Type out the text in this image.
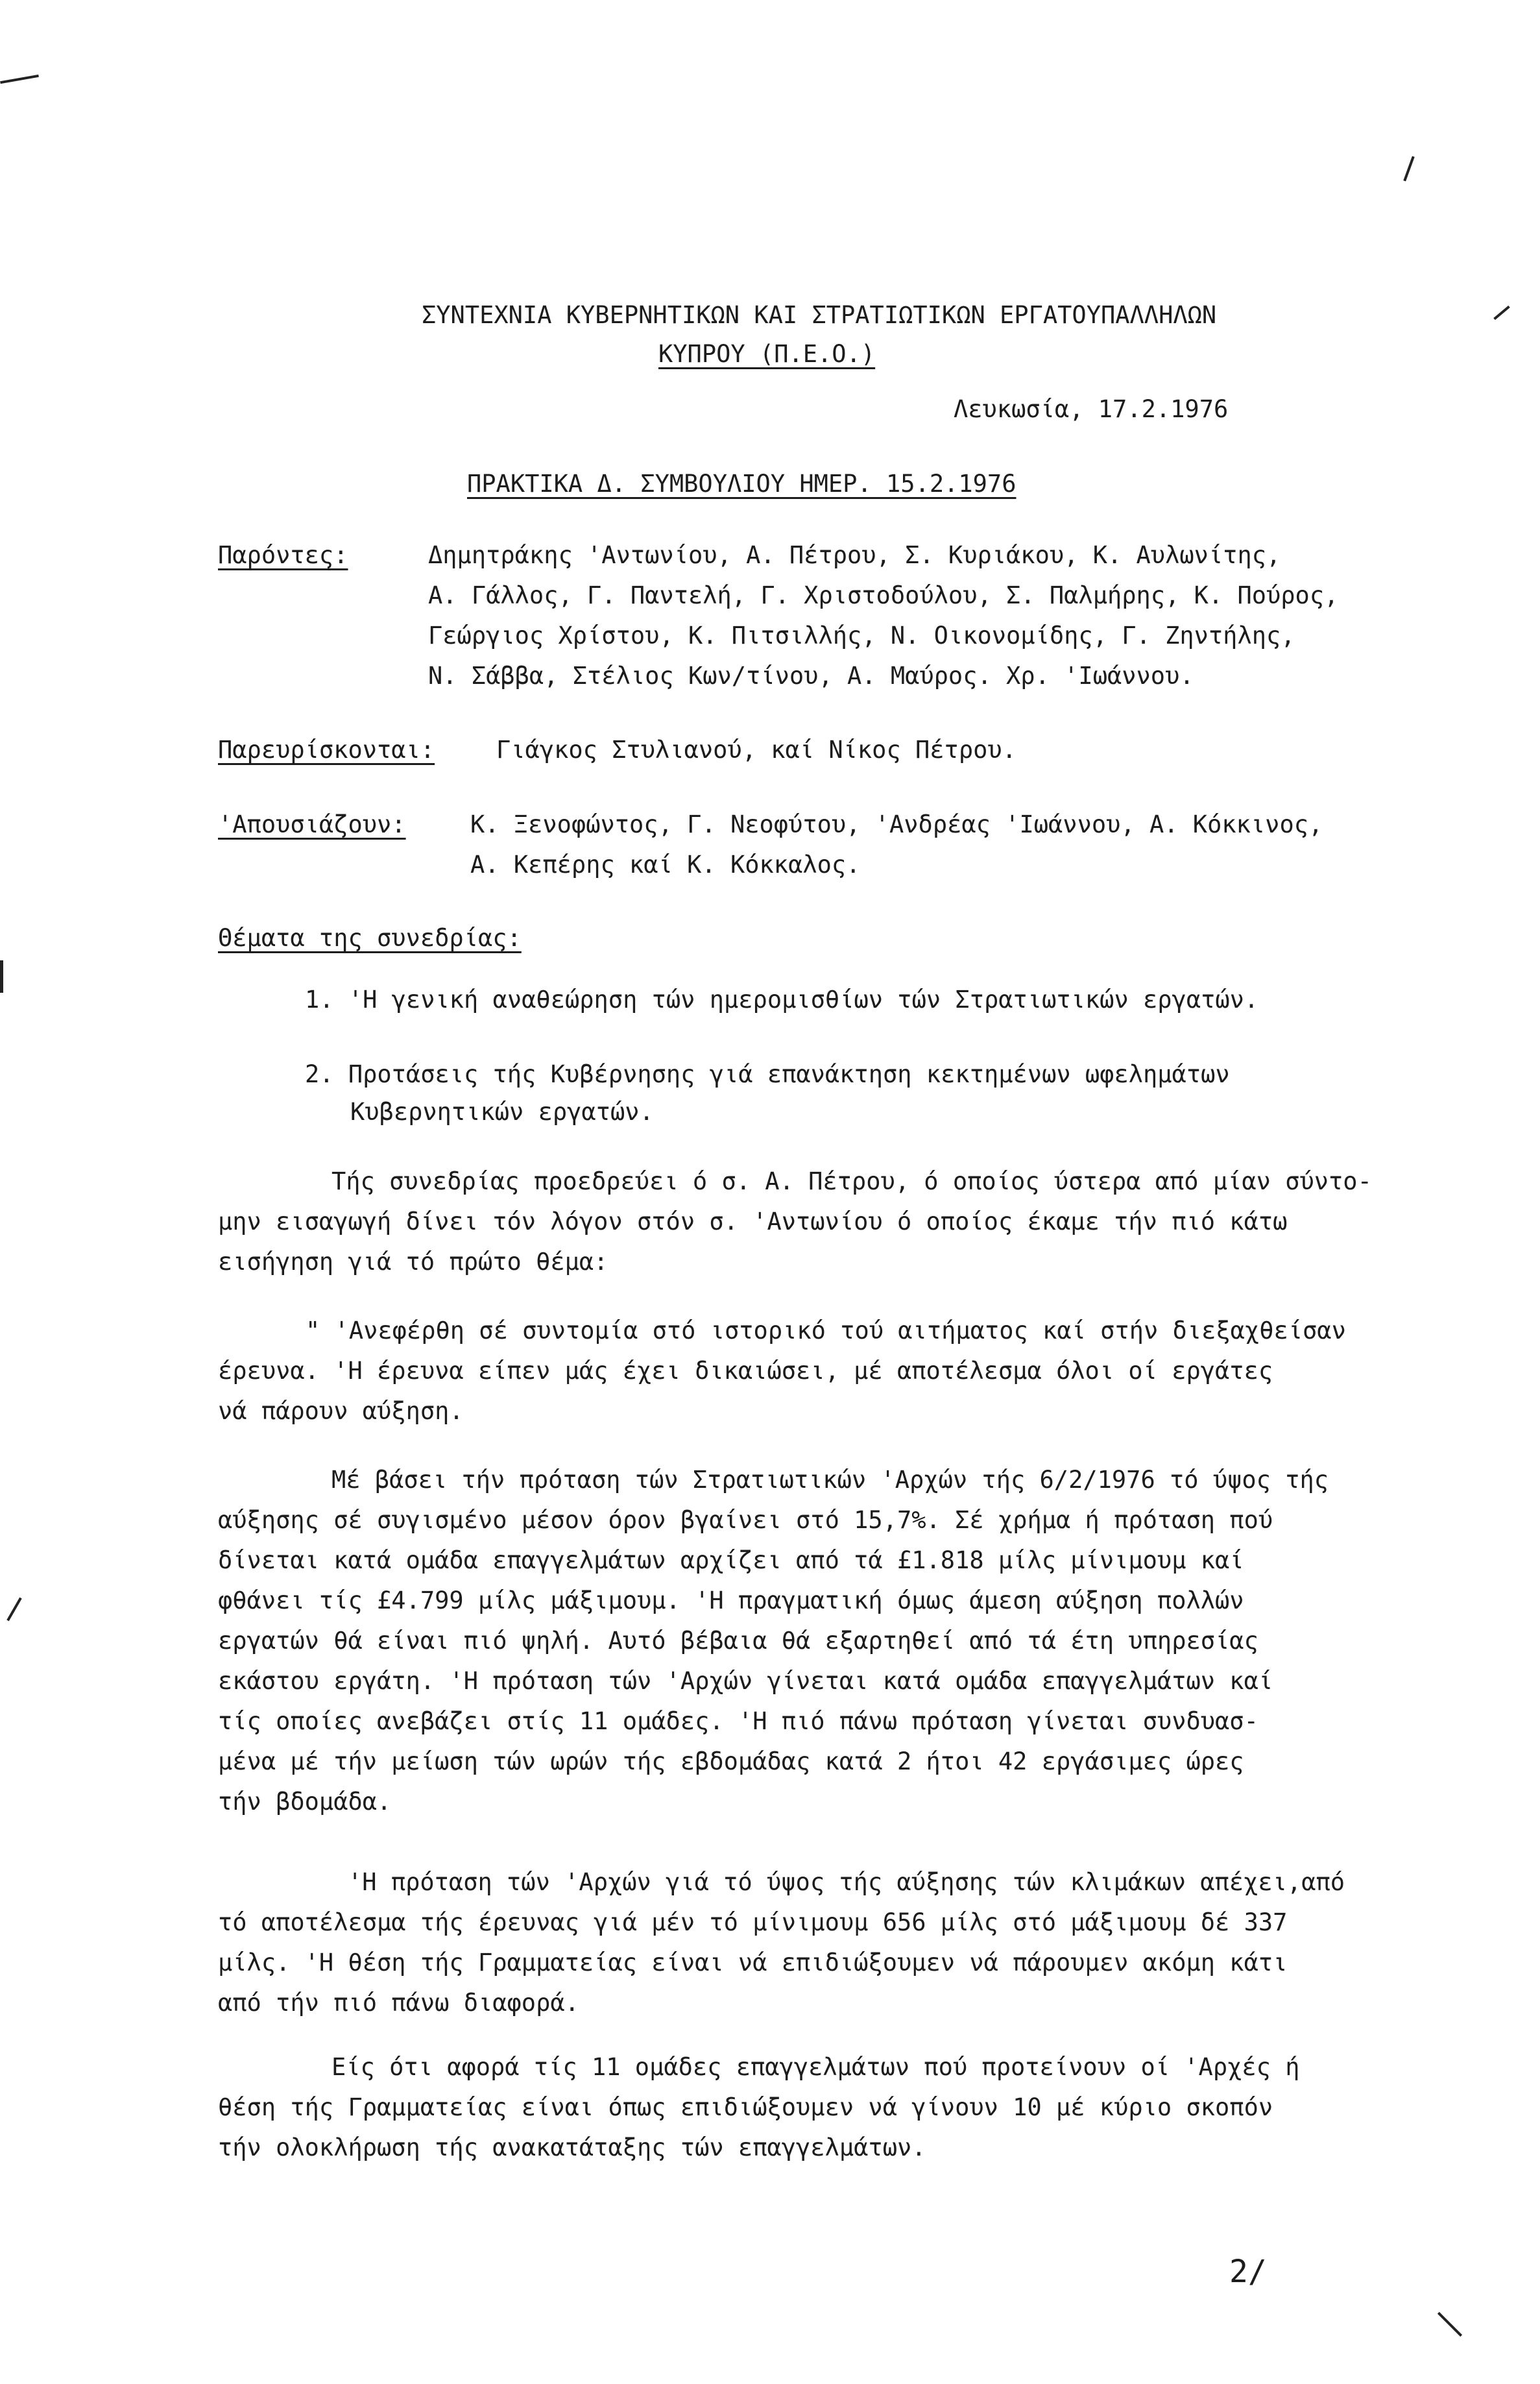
ΣΥΝΤΕΧΝΙΑ ΚΥΒΕΡΝΗΤΙΚΩΝ ΚΑΙ ΣΤΡΑΤΙΩΤΙΚΩΝ ΕΡΓΑΤΟΥΠΑΛΛΗΛΩΝ
ΚΥΠΡΟΥ (Π.Ε.Ο.)
Λευκωσία, 17.2.1976
ΠΡΑΚΤΙΚΑ Δ. ΣΥΜΒΟΥΛΙΟΥ ΗΜΕΡ. 15.2.1976
Παρόντες:	Δημητράκης 'Αντωνίου, Α. Πέτρου, Σ. Κυριάκου, Κ. Αυλωνίτης,
Α. Γάλλος, Γ. Παντελή, Γ. Χριστοδούλου, Σ. Παλμήρης, Κ. Πούρος,
Γεώργιος Χρίστου, Κ. Πιτσιλλής, Ν. Οικονομίδης, Γ. Ζηντήλης,
Ν. Σάββα, Στέλιος Κων/τίνου, Α. Μαύρος. Χρ. 'Ιωάννου.
Παρευρίσκονται:	Γιάγκος Στυλιανού, καί Νίκος Πέτρου.
'Απουσιάζουν:	Κ. Ξενοφώντος, Γ. Νεοφύτου, 'Ανδρέας 'Ιωάννου, Α. Κόκκινος,
Α. Κεπέρης καί Κ. Κόκκαλος.
Θέματα της συνεδρίας:
1. 'Η γενική αναθεώρηση τών ημερομισθίων τών Στρατιωτικών εργατών.
2. Προτάσεις τής Κυβέρνησης γιά επανάκτηση κεκτημένων ωφελημάτων
Κυβερνητικών εργατών.
Τής συνεδρίας προεδρεύει ό σ. Α. Πέτρου, ό οποίος ύστερα από μίαν σύντο-
μην εισαγωγή δίνει τόν λόγον στόν σ. 'Αντωνίου ό οποίος έκαμε τήν πιό κάτω
εισήγηση γιά τό πρώτο θέμα:
" 'Ανεφέρθη σέ συντομία στό ιστορικό τού αιτήματος καί στήν διεξαχθείσαν
έρευνα. 'Η έρευνα είπεν μάς έχει δικαιώσει, μέ αποτέλεσμα όλοι οί εργάτες
νά πάρουν αύξηση.
Μέ βάσει τήν πρόταση τών Στρατιωτικών 'Αρχών τής 6/2/1976 τό ύψος τής
αύξησης σέ συγισμένο μέσον όρον βγαίνει στό 15,7%. Σέ χρήμα ή πρόταση πού
δίνεται κατά ομάδα επαγγελμάτων αρχίζει από τά £1.818 μίλς μίνιμουμ καί
φθάνει τίς £4.799 μίλς μάξιμουμ. 'Η πραγματική όμως άμεση αύξηση πολλών
εργατών θά είναι πιό ψηλή. Αυτό βέβαια θά εξαρτηθεί από τά έτη υπηρεσίας
εκάστου εργάτη. 'Η πρόταση τών 'Αρχών γίνεται κατά ομάδα επαγγελμάτων καί
τίς οποίες ανεβάζει στίς 11 ομάδες. 'Η πιό πάνω πρόταση γίνεται συνδυασ-
μένα μέ τήν μείωση τών ωρών τής εβδομάδας κατά 2 ήτοι 42 εργάσιμες ώρες
τήν βδομάδα.
'Η πρόταση τών 'Αρχών γιά τό ύψος τής αύξησης τών κλιμάκων απέχει,από
τό αποτέλεσμα τής έρευνας γιά μέν τό μίνιμουμ 656 μίλς στό μάξιμουμ δέ 337
μίλς. 'Η θέση τής Γραμματείας είναι νά επιδιώξουμεν νά πάρουμεν ακόμη κάτι
από τήν πιό πάνω διαφορά.
Είς ότι αφορά τίς 11 ομάδες επαγγελμάτων πού προτείνουν οί 'Αρχές ή
θέση τής Γραμματείας είναι όπως επιδιώξουμεν νά γίνουν 10 μέ κύριο σκοπόν
τήν ολοκλήρωση τής ανακατάταξης τών επαγγελμάτων.
2/
